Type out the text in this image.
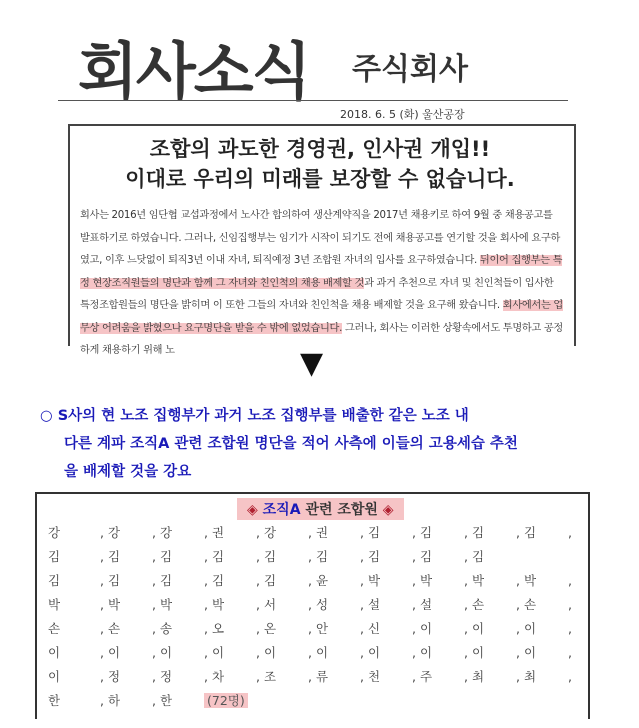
회사소식 주식회사
2018. 6. 5 (화) 울산공장
조합의 과도한 경영권, 인사권 개입!!
이대로 우리의 미래를 보장할 수 없습니다.
회사는 2016년 임단협 교섭과정에서 노사간 합의하여 생산계약직을 2017년 채용키로 하여 9월 중 채용공고를 발표하기로 하였습니다. 그러나, 신임집행부는 임기가 시작이 되기도 전에 채용공고를 연기할 것을 회사에 요구하였고, 이후 느닷없이 퇴직3년 이내 자녀, 퇴직예정 3년 조합원 자녀의 입사를 요구하였습니다. 뒤이어 집행부는 특정 현장조직원들의 명단과 함께 그 자녀와 친인척의 채용 배제할 것과 과거 추천으로 자녀 및 친인척들이 입사한 특정조합원들의 명단을 밝히며 이 또한 그들의 자녀와 친인척을 채용 배제할 것을 요구해 왔습니다. 회사에서는 업무상 어려움을 밝혔으나 요구명단을 받을 수 밖에 없었습니다. 그러나, 회사는 이러한 상황속에서도 투명하고 공정하게 채용하기 위해 노	▼
○ S사의 현 노조 집행부가 과거 노조 집행부를 배출한 같은 노조 내
다른 계파 조직A 관련 조합원 명단을 적어 사측에 이들의 고용세습 추천
을 배제할 것을 강요
◈ 조직A 관련 조합원 ◈
강	, 강	, 강	, 권	, 강	, 권	, 김	, 김	, 김	, 김	,
김	, 김	, 김	, 김	, 김	, 김	, 김	, 김	, 김		
김	, 김	, 김	, 김	, 김	, 윤	, 박	, 박	, 박	, 박	,
박	, 박	, 박	, 박	, 서	, 성	, 설	, 설	, 손	, 손	,
손	, 손	, 송	, 오	, 온	, 안	, 신	, 이	, 이	, 이	,
이	, 이	, 이	, 이	, 이	, 이	, 이	, 이	, 이	, 이	,
이	, 정	, 정	, 차	, 조	, 류	, 천	, 주	, 최	, 최	,
한	, 하	, 한	(72명)							
